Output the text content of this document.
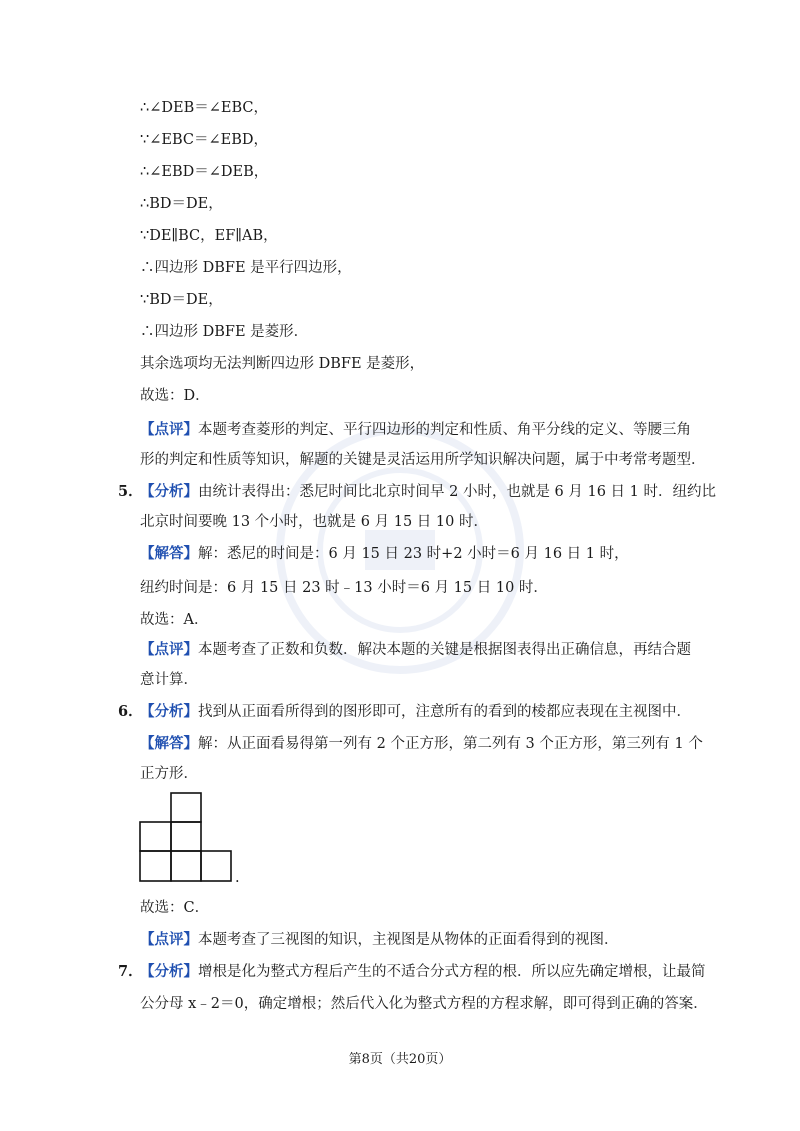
∴∠DEB＝∠EBC，
∵∠EBC＝∠EBD，
∴∠EBD＝∠DEB，
∴BD＝DE，
∵DE∥BC，EF∥AB，
∴四边形 DBFE 是平行四边形，
∵BD＝DE，
∴四边形 DBFE 是菱形．
其余选项均无法判断四边形 DBFE 是菱形，
故选：D．
【点评】本题考查菱形的判定、平行四边形的判定和性质、角平分线的定义、等腰三角
形的判定和性质等知识，解题的关键是灵活运用所学知识解决问题，属于中考常考题型．
5．
【分析】由统计表得出：悉尼时间比北京时间早 2 小时，也就是 6 月 16 日 1 时．纽约比
北京时间要晚 13 个小时，也就是 6 月 15 日 10 时．
【解答】解：悉尼的时间是：6 月 15 日 23 时+2 小时＝6 月 16 日 1 时，
纽约时间是：6 月 15 日 23 时﹣13 小时＝6 月 15 日 10 时．
故选：A．
【点评】本题考查了正数和负数．解决本题的关键是根据图表得出正确信息，再结合题
意计算．
6．
【分析】找到从正面看所得到的图形即可，注意所有的看到的棱都应表现在主视图中．
【解答】解：从正面看易得第一列有 2 个正方形，第二列有 3 个正方形，第三列有 1 个
正方形．
.
故选：C．
【点评】本题考查了三视图的知识，主视图是从物体的正面看得到的视图．
7．
【分析】增根是化为整式方程后产生的不适合分式方程的根．所以应先确定增根，让最简
公分母 x﹣2＝0，确定增根；然后代入化为整式方程的方程求解，即可得到正确的答案．
第8页（共20页）
